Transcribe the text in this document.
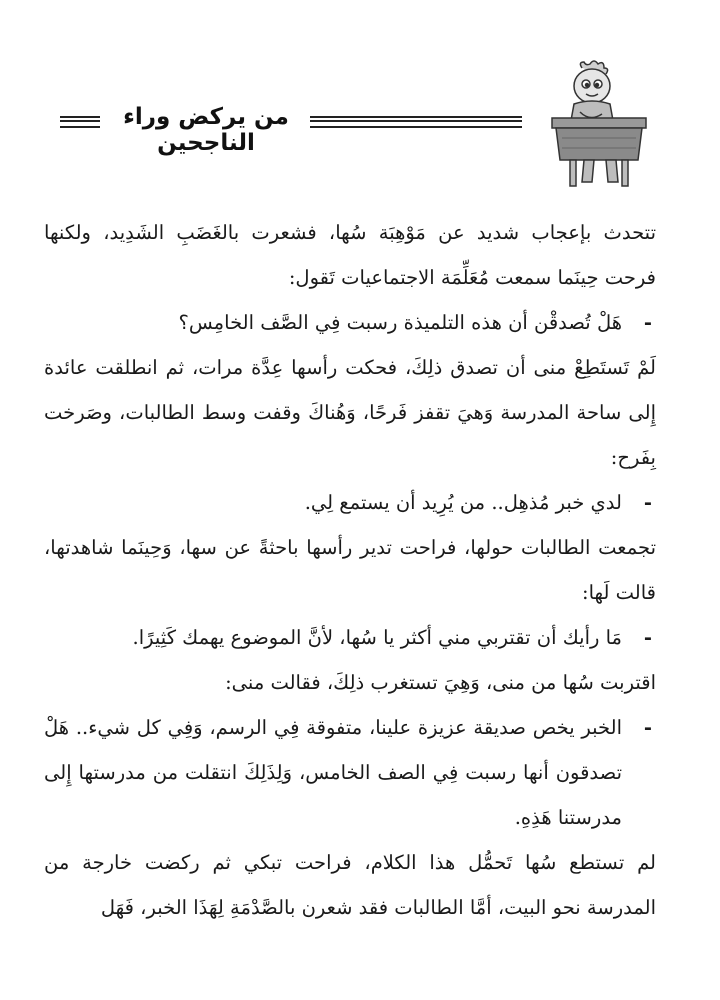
من يركض وراء الناجحين

تتحدث بإعجاب شديد عن مَوْهِبَة سُها، فشعرت بالغَضَبِ الشَدِيد، ولكنها فرحت حِينَما سمعت مُعَلِّمَة الاجتماعيات تَقول:

-
هَلْ تُصدقْن أن هذه التلميذة رسبت فِي الصَّف الخامِس؟

لَمْ تَستَطِعْ منى أن تصدق ذلِكَ، فحكت رأسها عِدَّة مرات، ثم انطلقت عائدة إِلى ساحة المدرسة وَهيَ تقفز فَرحًا، وَهُناكَ وقفت وسط الطالبات، وصَرخت بِفَرح:

-
لدي خبر مُذهِل.. من يُرِيد أن يستمع لِي.

تجمعت الطالبات حولها، فراحت تدير رأسها باحثةً عن سها، وَحِينَما شاهدتها، قالت لَها:

-
مَا رأيك أن تقتربي مني أكثر يا سُها، لأنَّ الموضوع يهمك كَثِيرًا.

اقتربت سُها من منى، وَهِيَ تستغرب ذلِكَ، فقالت منى:

-
الخبر يخص صديقة عزيزة علينا، متفوقة فِي الرسم، وَفِي كل شيء.. هَلْ تصدقون أنها رسبت فِي الصف الخامس، وَلِذَلِكَ انتقلت من مدرستها إِلى مدرستنا هَذِهِ.

لم تستطع سُها تَحمُّل هذا الكلام، فراحت تبكي ثم ركضت خارجة من المدرسة نحو البيت، أمَّا الطالبات فقد شعرن بالصَّدْمَةِ لِهَذَا الخبر، فَهَل
